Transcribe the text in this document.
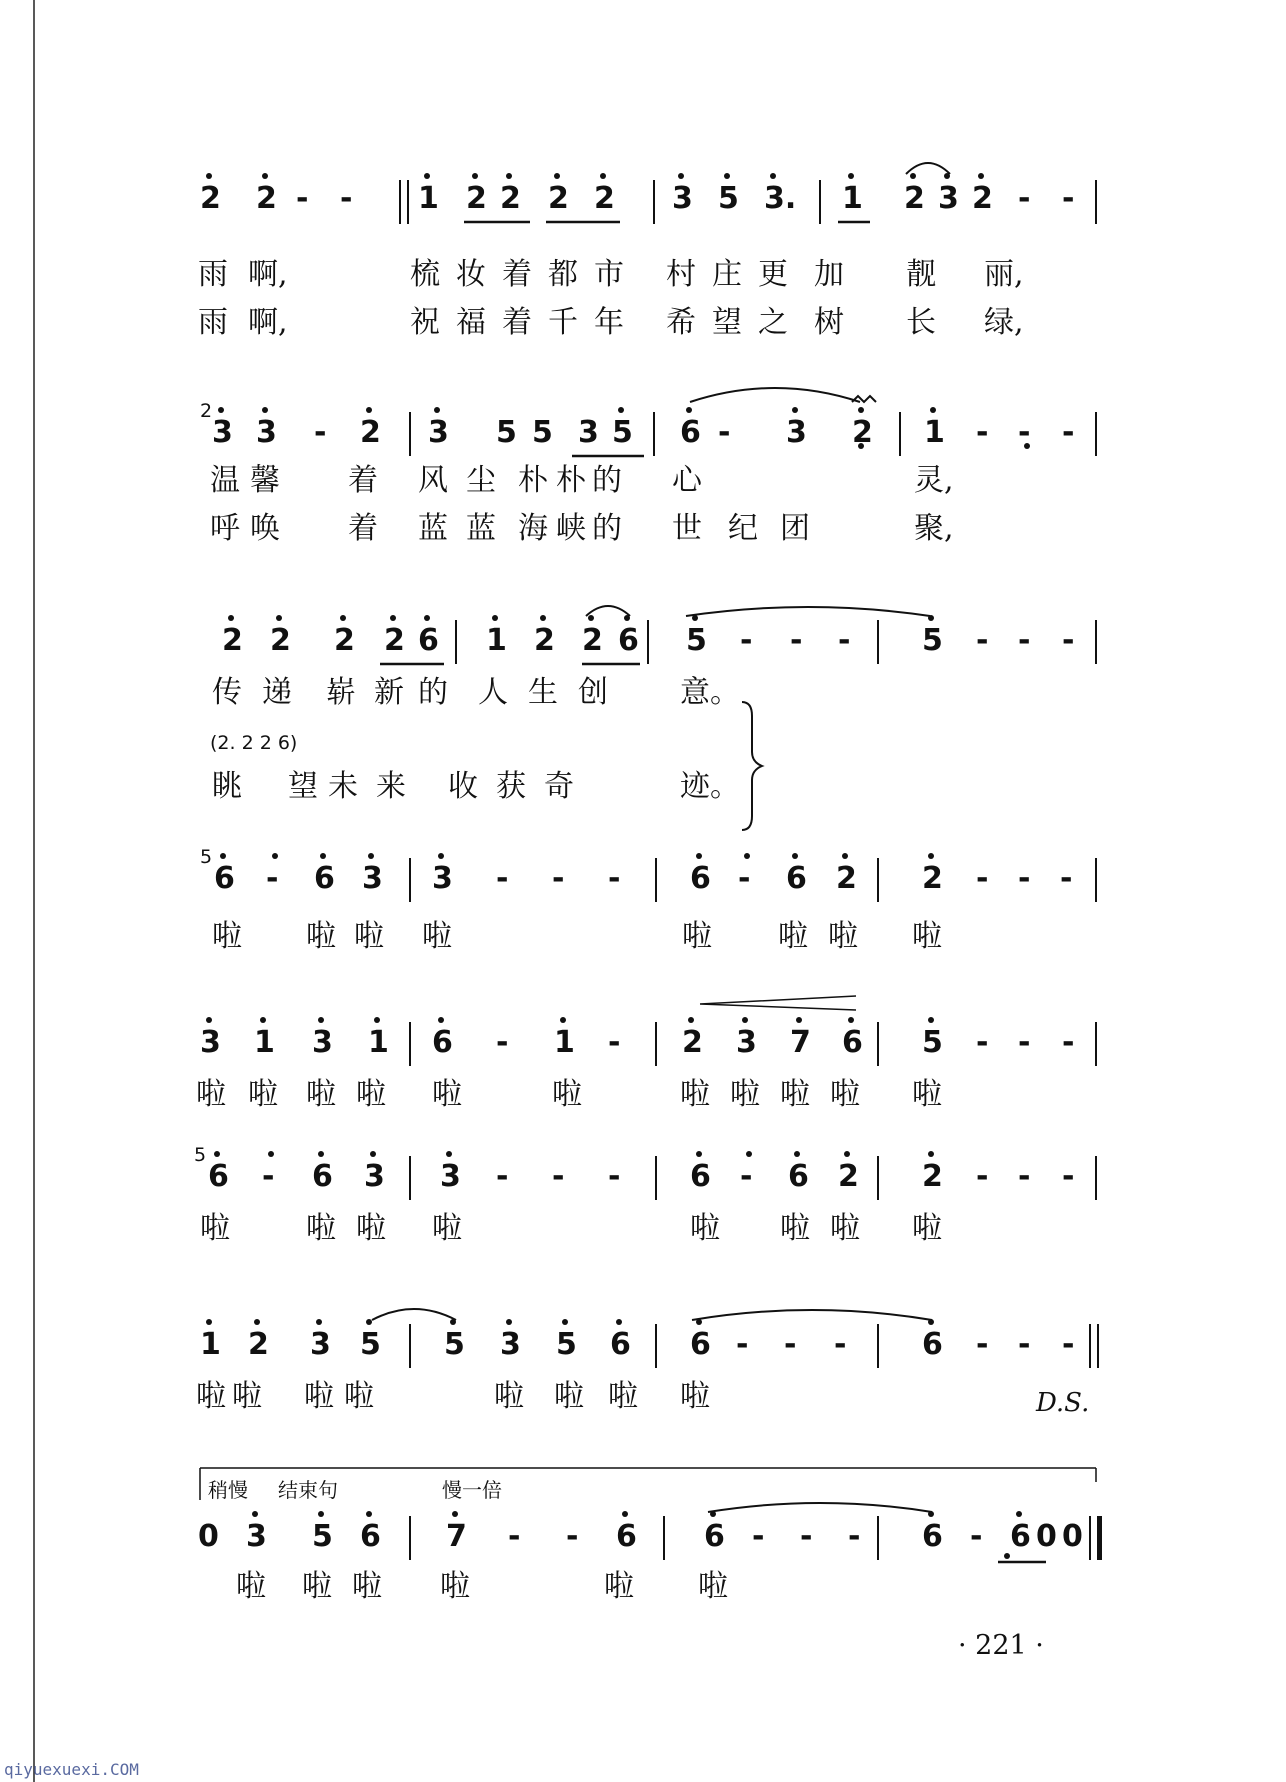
2 2 - - 1 2 2 2 2 3 5 3. 1 2 3 2 - -
雨 啊,	梳 妆 着 都 市 村 庄 更 加 靓 丽,
雨 啊,	祝 福 着 千 年 希 望 之 树 长 绿,
2
3 3 - 2 3 5 5 3 5 6 - 3 2 1 - - -
温 馨 着 风 尘 朴 朴 的 心	灵,
呼 唤 着 蓝 蓝 海 峡 的 世 纪 团	聚,
2 2 2 2 6 1 2 2 6 5 - - - 5 - - -
传 递 崭 新 的 人 生 创 意。
(2. 2 2 6)
眺 望 未 来 收 获 奇	迹。
5
6 - 6 3 3 - - - 6 - 6 2 2 - - -
啦 啦 啦 啦	啦 啦 啦 啦
3 1 3 1 6 - 1 - 2 3 7 6 5 - - -
啦 啦 啦 啦 啦	啦	啦 啦 啦 啦 啦
5
6 - 6 3 3 - - - 6 - 6 2 2 - - -
啦	啦 啦 啦	啦 啦 啦 啦
1 2 3 5 5 3 5 6 6 - - -	6 - - -
啦 啦 啦 啦	啦 啦 啦 啦	D.S.
稍慢 结束句	慢一倍
0 3 5 6 7 - - 6 6 - - - 6 - 6 0 0
啦 啦 啦 啦	啦 啦
· 221 ·
qiyuexuexi.COM
